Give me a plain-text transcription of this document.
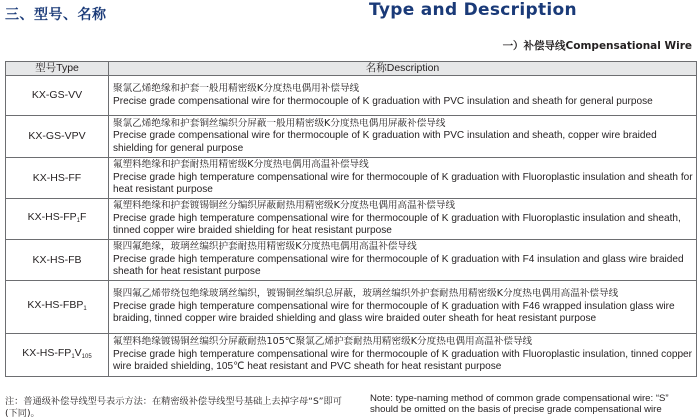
三、型号、名称	Type and Description
一）补偿导线Compensational Wire
型号Type	名称Description
KX-GS-VV	聚氯乙烯绝缘和护套一般用精密级K分度热电偶用补偿导线
Precise grade compensational wire for thermocouple of K graduation with PVC insulation and sheath for general purpose

KX-GS-VPV	聚氯乙烯绝缘和护套铜丝编织分屏蔽一般用精密级K分度热电偶用屏蔽补偿导线
Precise grade compensational wire for thermocouple of K graduation with PVC insulation and sheath, copper wire braided shielding for general purpose

KX-HS-FF	氟塑料绝缘和护套耐热用精密级K分度热电偶用高温补偿导线
Precise grade high temperature compensational wire for thermocouple of K graduation with Fluoroplastic insulation and sheath for heat resistant purpose

$KX-HS-FP_1F$	氟塑料绝缘和护套镀锡铜丝分编织屏蔽耐热用精密级K分度热电偶用高温补偿导线
Precise grade high temperature compensational wire for thermocouple of K graduation with Fluoroplastic insulation and sheath, tinned copper wire braided shielding for heat resistant purpose

KX-HS-FB	聚四氟绝缘，玻璃丝编织护套耐热用精密级K分度热电偶用高温补偿导线
Precise grade high temperature compensational wire for thermocouple of K graduation with F4 insulation and glass wire braided sheath for heat resistant purpose

$KX-HS-FBP_1$	聚四氟乙烯带绕包绝缘玻璃丝编织，镀锡铜丝编织总屏蔽，玻璃丝编织外护套耐热用精密级K分度热电偶用高温补偿导线
Precise grade high temperature compensational wire for thermocouple of K graduation with F46 wrapped insulation glass wire braiding, tinned copper wire braided shielding and glass wire braided outer sheath for heat resistant purpose

$KX-HS-FP_1V_{105}$	氟塑料绝缘镀锡铜丝编织分屏蔽耐热105℃聚氯乙烯护套耐热用精密级K分度热电偶用高温补偿导线
Precise grade high temperature compensational wire for thermocouple of K graduation with Fluoroplastic insulation, tinned copper wire braided shielding, 105℃ heat resistant and PVC sheath for heat resistant purpose
注：普通级补偿导线型号表示方法：在精密级补偿导线型号基础上去掉字母“S”即可(下同)。
Note: type-naming method of common grade compensational wire: “S” should be omitted on the basis of precise grade compensational wire
